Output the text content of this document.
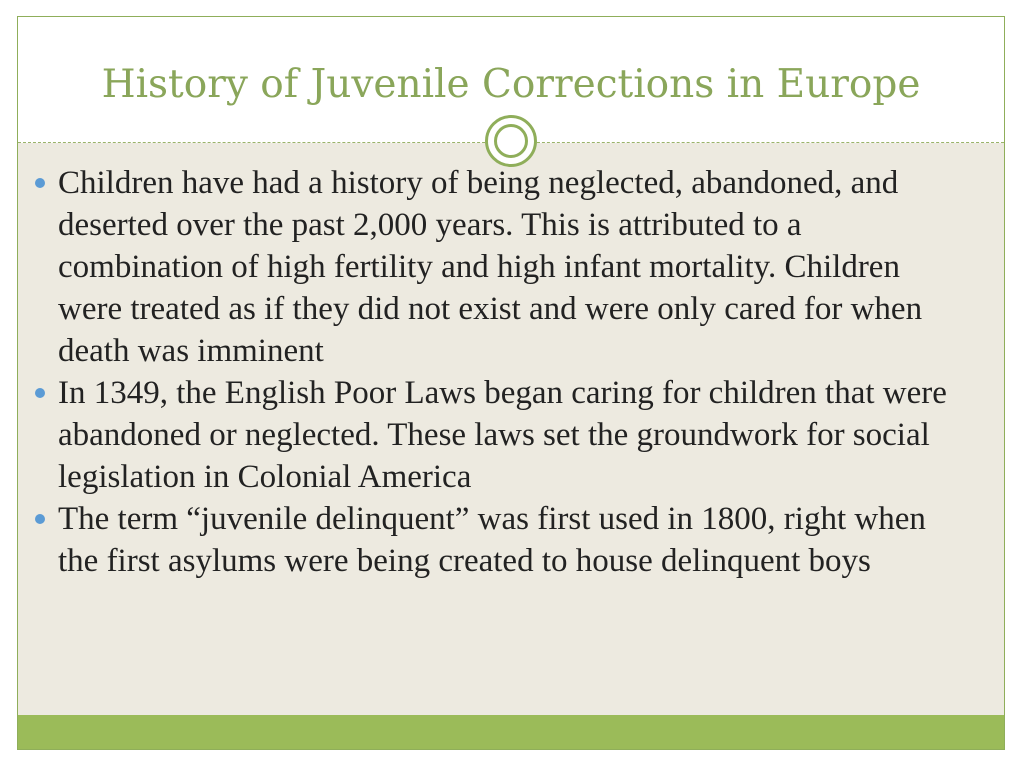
History of Juvenile Corrections in Europe
Children have had a history of being neglected, abandoned, and deserted over the past 2,000 years. This is attributed to a combination of high fertility and high infant mortality. Children were treated as if they did not exist and were only cared for when death was imminent
In 1349, the English Poor Laws began caring for children that were abandoned or neglected. These laws set the groundwork for social legislation in Colonial America
The term “juvenile delinquent” was first used in 1800, right when the first asylums were being created to house delinquent boys
